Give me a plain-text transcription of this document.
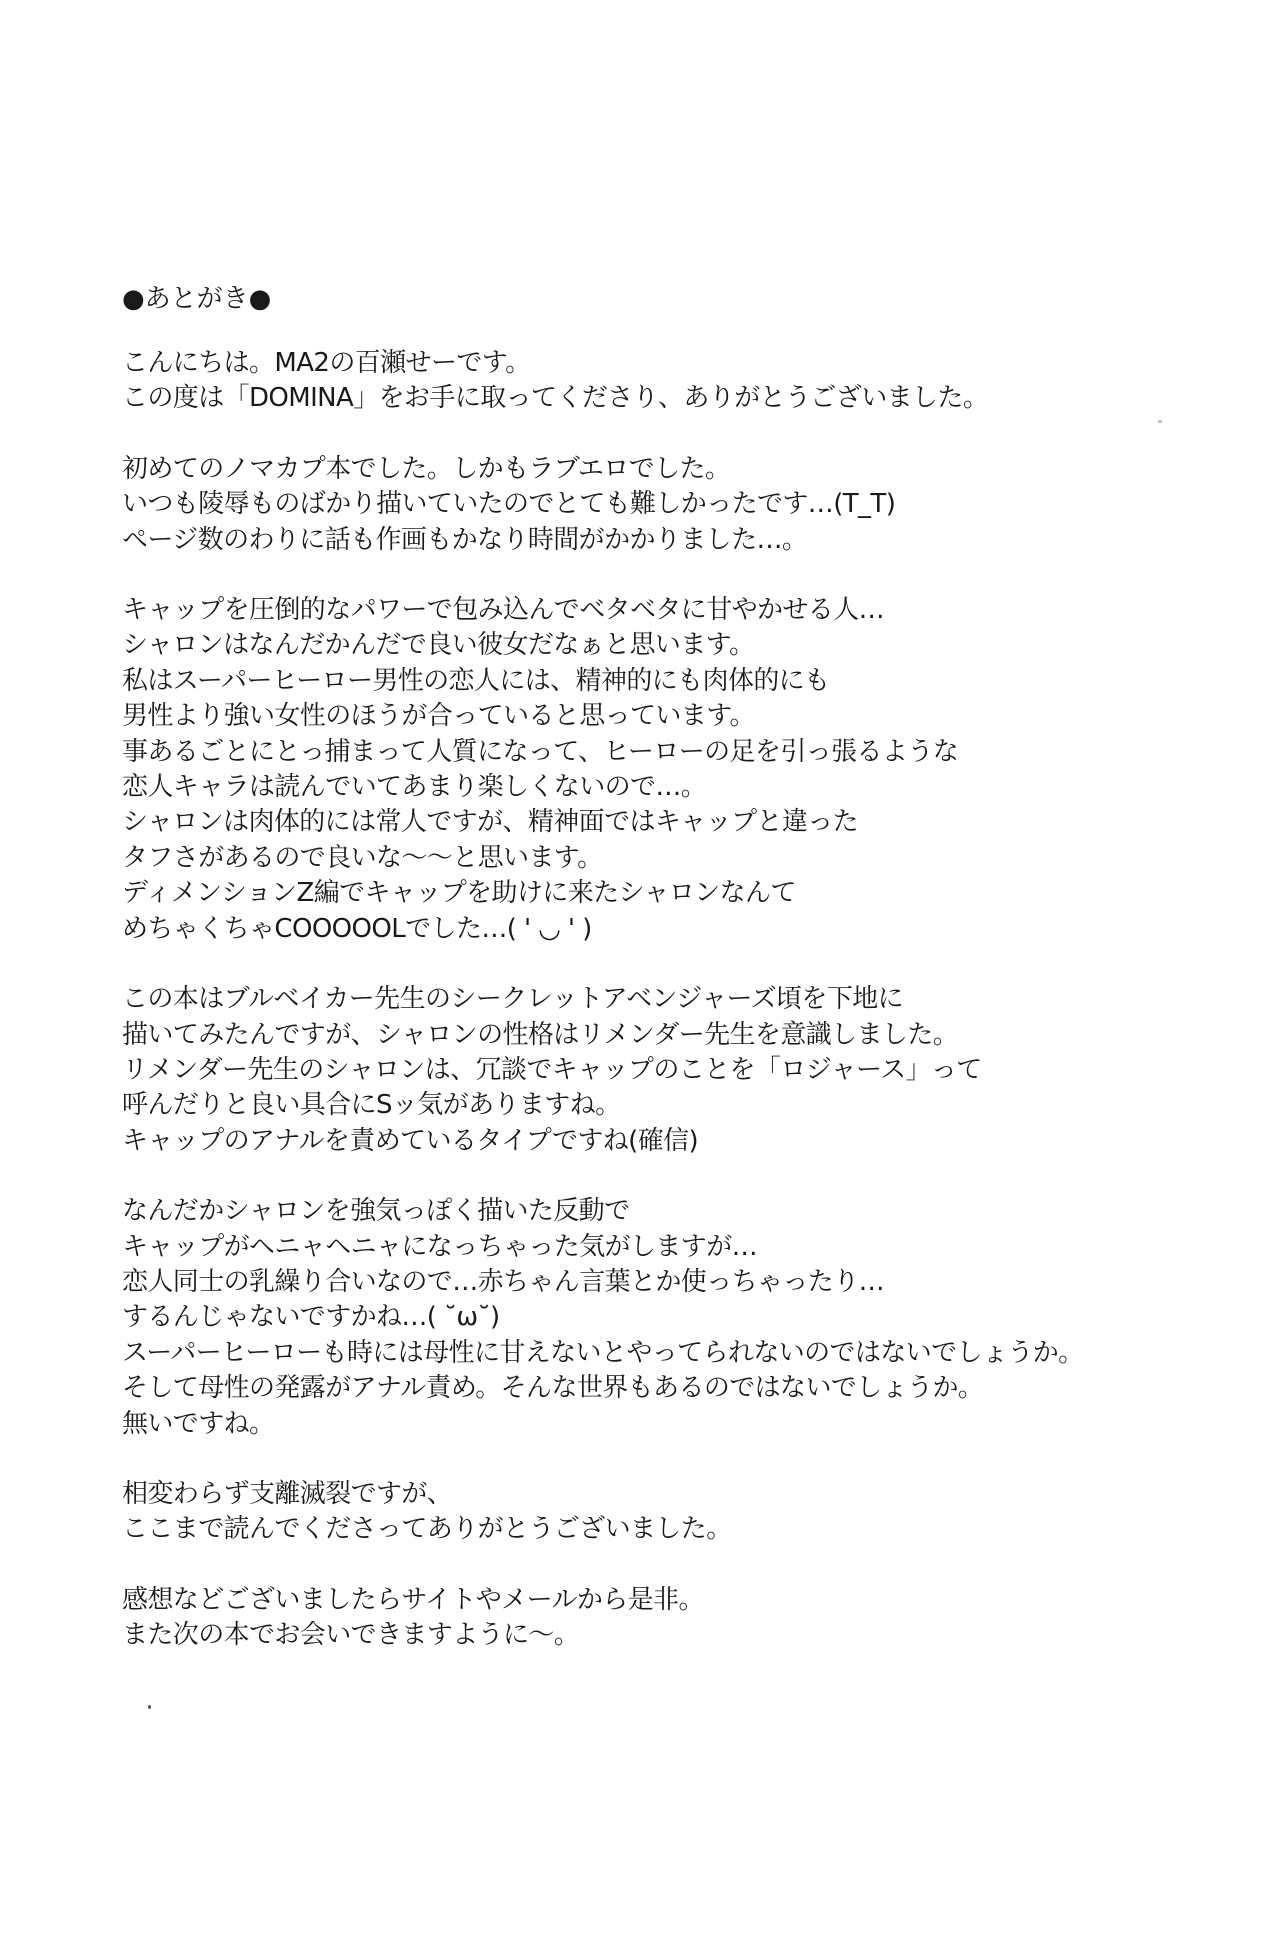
●あとがき●
こんにちは。MA2の百瀬せーです。
この度は「DOMINA」をお手に取ってくださり、ありがとうございました。
初めてのノマカプ本でした。しかもラブエロでした。
いつも陵辱ものばかり描いていたのでとても難しかったです…(T_T)
ページ数のわりに話も作画もかなり時間がかかりました…。
キャップを圧倒的なパワーで包み込んでベタベタに甘やかせる人…
シャロンはなんだかんだで良い彼女だなぁと思います。
私はスーパーヒーロー男性の恋人には、精神的にも肉体的にも
男性より強い女性のほうが合っていると思っています。
事あるごとにとっ捕まって人質になって、ヒーローの足を引っ張るような
恋人キャラは読んでいてあまり楽しくないので…。
シャロンは肉体的には常人ですが、精神面ではキャップと違った
タフさがあるので良いな～～と思います。
ディメンションZ編でキャップを助けに来たシャロンなんて
めちゃくちゃCOOOOOLでした…( ' ◡ ' )
この本はブルベイカー先生のシークレットアベンジャーズ頃を下地に
描いてみたんですが、シャロンの性格はリメンダー先生を意識しました。
リメンダー先生のシャロンは、冗談でキャップのことを「ロジャース」って
呼んだりと良い具合にSッ気がありますね。
キャップのアナルを責めているタイプですね(確信)
なんだかシャロンを強気っぽく描いた反動で
キャップがヘニャヘニャになっちゃった気がしますが…
恋人同士の乳繰り合いなので…赤ちゃん言葉とか使っちゃったり…
するんじゃないですかね…( ˘ω˘)
スーパーヒーローも時には母性に甘えないとやってられないのではないでしょうか。
そして母性の発露がアナル責め。そんな世界もあるのではないでしょうか。
無いですね。
相変わらず支離滅裂ですが、
ここまで読んでくださってありがとうございました。
感想などございましたらサイトやメールから是非。
また次の本でお会いできますように～。
